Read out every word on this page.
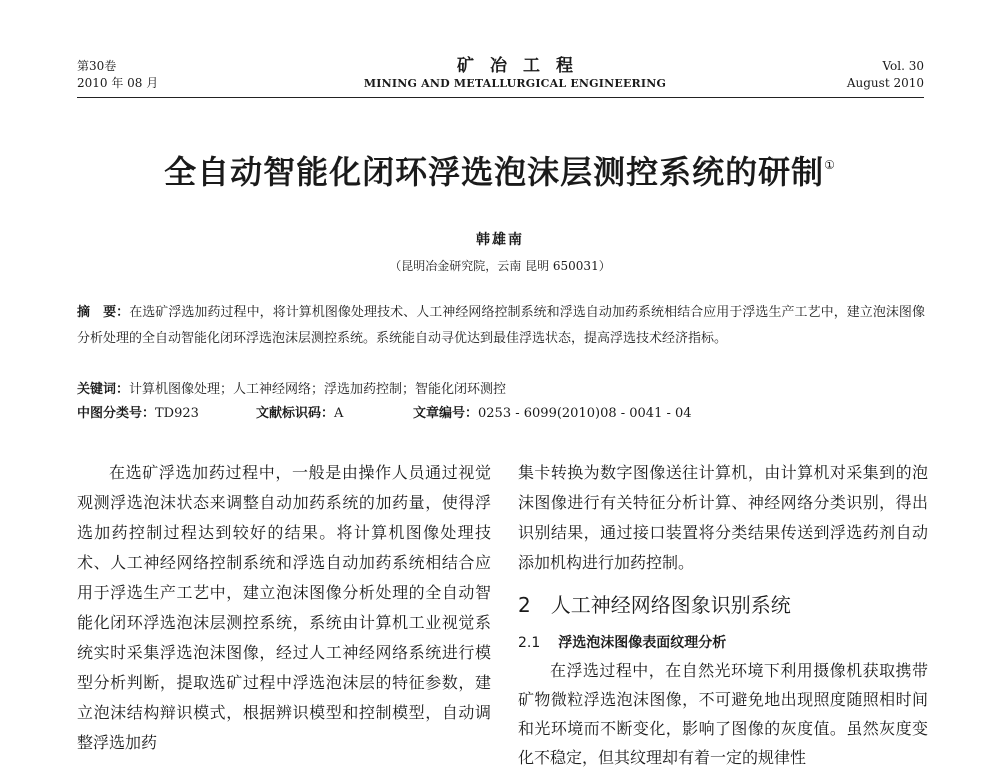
第30卷
2010 年 08 月
矿冶工程
MINING AND METALLURGICAL ENGINEERING
Vol. 30
August 2010
全自动智能化闭环浮选泡沫层测控系统的研制①
韩雄南
（昆明冶金研究院，云南 昆明 650031）
摘　要：在选矿浮选加药过程中，将计算机图像处理技术、人工神经网络控制系统和浮选自动加药系统相结合应用于浮选生产工艺中，建立泡沫图像分析处理的全自动智能化闭环浮选泡沫层测控系统。系统能自动寻优达到最佳浮选状态，提高浮选技术经济指标。
关键词：计算机图像处理；人工神经网络；浮选加药控制；智能化闭环测控
中图分类号：TD923	文献标识码：A	文章编号：0253 - 6099(2010)08 - 0041 - 04

在选矿浮选加药过程中，一般是由操作人员通过视觉观测浮选泡沫状态来调整自动加药系统的加药量，使得浮选加药控制过程达到较好的结果。将计算机图像处理技术、人工神经网络控制系统和浮选自动加药系统相结合应用于浮选生产工艺中，建立泡沫图像分析处理的全自动智能化闭环浮选泡沫层测控系统，系统由计算机工业视觉系统实时采集浮选泡沫图像，经过人工神经网络系统进行模型分析判断，提取选矿过程中浮选泡沫层的特征参数，建立泡沫结构辩识模式，根据辨识模型和控制模型，自动调整浮选加药

集卡转换为数字图像送往计算机，由计算机对采集到的泡沫图像进行有关特征分析计算、神经网络分类识别，得出识别结果，通过接口装置将分类结果传送到浮选药剂自动添加机构进行加药控制。

2 人工神经网络图象识别系统
2.1 浮选泡沫图像表面纹理分析

在浮选过程中，在自然光环境下利用摄像机获取携带矿物微粒浮选泡沫图像，不可避免地出现照度随照相时间和光环境而不断变化，影响了图像的灰度值。虽然灰度变化不稳定，但其纹理却有着一定的规律性
